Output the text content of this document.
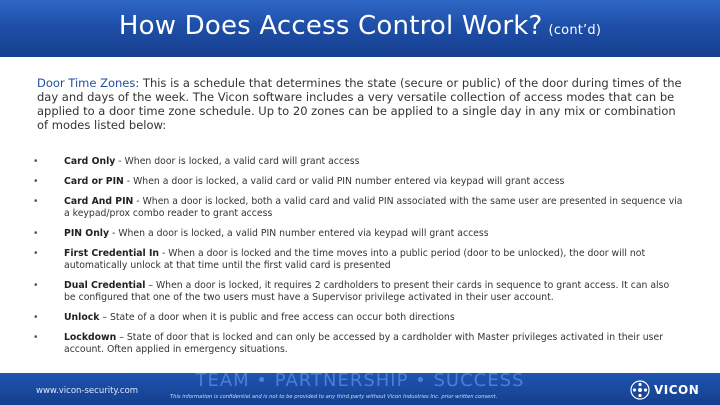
How Does Access Control Work? (cont’d)
Door Time Zones: This is a schedule that determines the state (secure or public) of the door during times of the day and days of the week. The Vicon software includes a very versatile collection of access modes that can be applied to a door time zone schedule. Up to 20 zones can be applied to a single day in any mix or combination of modes listed below:
•	Card Only - When door is locked, a valid card will grant access
•	Card or PIN - When a door is locked, a valid card or valid PIN number entered via keypad will grant access
•	Card And PIN - When a door is locked, both a valid card and valid PIN associated with the same user are presented in sequence via a keypad/prox combo reader to grant access
•	PIN Only - When a door is locked, a valid PIN number entered via keypad will grant access
•	First Credential In - When a door is locked and the time moves into a public period (door to be unlocked), the door will not automatically unlock at that time until the first valid card is presented
•	Dual Credential – When a door is locked, it requires 2 cardholders to present their cards in sequence to grant access. It can also be configured that one of the two users must have a Supervisor privilege activated in their user account.
•	Unlock – State of a door when it is public and free access can occur both directions
•	Lockdown – State of door that is locked and can only be accessed by a cardholder with Master privileges activated in their user account. Often applied in emergency situations.
www.vicon-security.com	TEAM • PARTNERSHIP • SUCCESS
This information is confidential and is not to be provided to any third party without Vicon Industries Inc. prior written consent.	VICON
